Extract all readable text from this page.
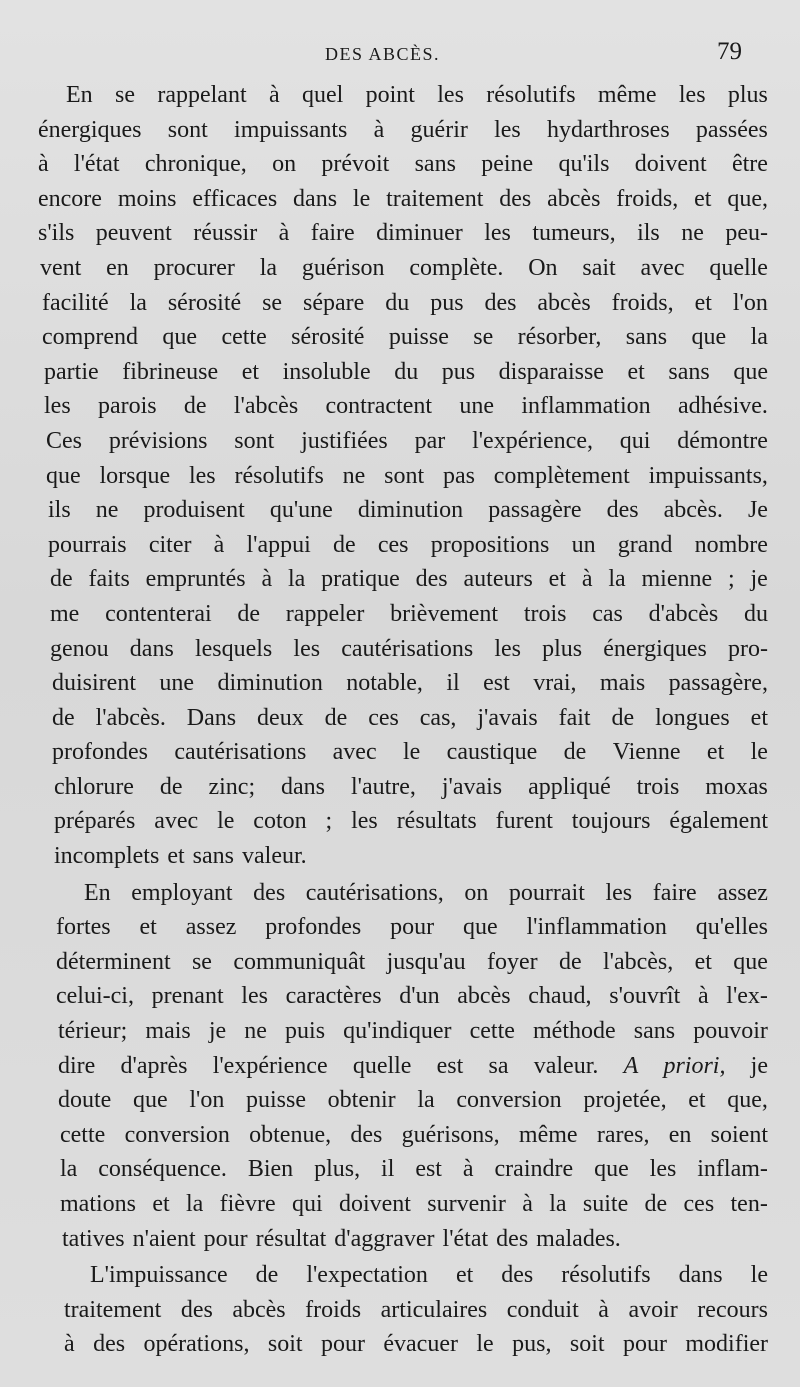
DES ABCÈS.	79
En se rappelant à quel point les résolutifs même les plus
énergiques sont impuissants à guérir les hydarthroses passées
à l'état chronique, on prévoit sans peine qu'ils doivent être
encore moins efficaces dans le traitement des abcès froids, et que,
s'ils peuvent réussir à faire diminuer les tumeurs, ils ne peu-
vent en procurer la guérison complète. On sait avec quelle
facilité la sérosité se sépare du pus des abcès froids, et l'on
comprend que cette sérosité puisse se résorber, sans que la
partie fibrineuse et insoluble du pus disparaisse et sans que
les parois de l'abcès contractent une inflammation adhésive.
Ces prévisions sont justifiées par l'expérience, qui démontre
que lorsque les résolutifs ne sont pas complètement impuissants,
ils ne produisent qu'une diminution passagère des abcès. Je
pourrais citer à l'appui de ces propositions un grand nombre
de faits empruntés à la pratique des auteurs et à la mienne ; je
me contenterai de rappeler brièvement trois cas d'abcès du
genou dans lesquels les cautérisations les plus énergiques pro-
duisirent une diminution notable, il est vrai, mais passagère,
de l'abcès. Dans deux de ces cas, j'avais fait de longues et
profondes cautérisations avec le caustique de Vienne et le
chlorure de zinc; dans l'autre, j'avais appliqué trois moxas
préparés avec le coton ; les résultats furent toujours également
incomplets et sans valeur.
En employant des cautérisations, on pourrait les faire assez
fortes et assez profondes pour que l'inflammation qu'elles
déterminent se communiquât jusqu'au foyer de l'abcès, et que
celui-ci, prenant les caractères d'un abcès chaud, s'ouvrît à l'ex-
térieur; mais je ne puis qu'indiquer cette méthode sans pouvoir
dire d'après l'expérience quelle est sa valeur. A priori, je
doute que l'on puisse obtenir la conversion projetée, et que,
cette conversion obtenue, des guérisons, même rares, en soient
la conséquence. Bien plus, il est à craindre que les inflam-
mations et la fièvre qui doivent survenir à la suite de ces ten-
tatives n'aient pour résultat d'aggraver l'état des malades.
L'impuissance de l'expectation et des résolutifs dans le
traitement des abcès froids articulaires conduit à avoir recours
à des opérations, soit pour évacuer le pus, soit pour modifier
